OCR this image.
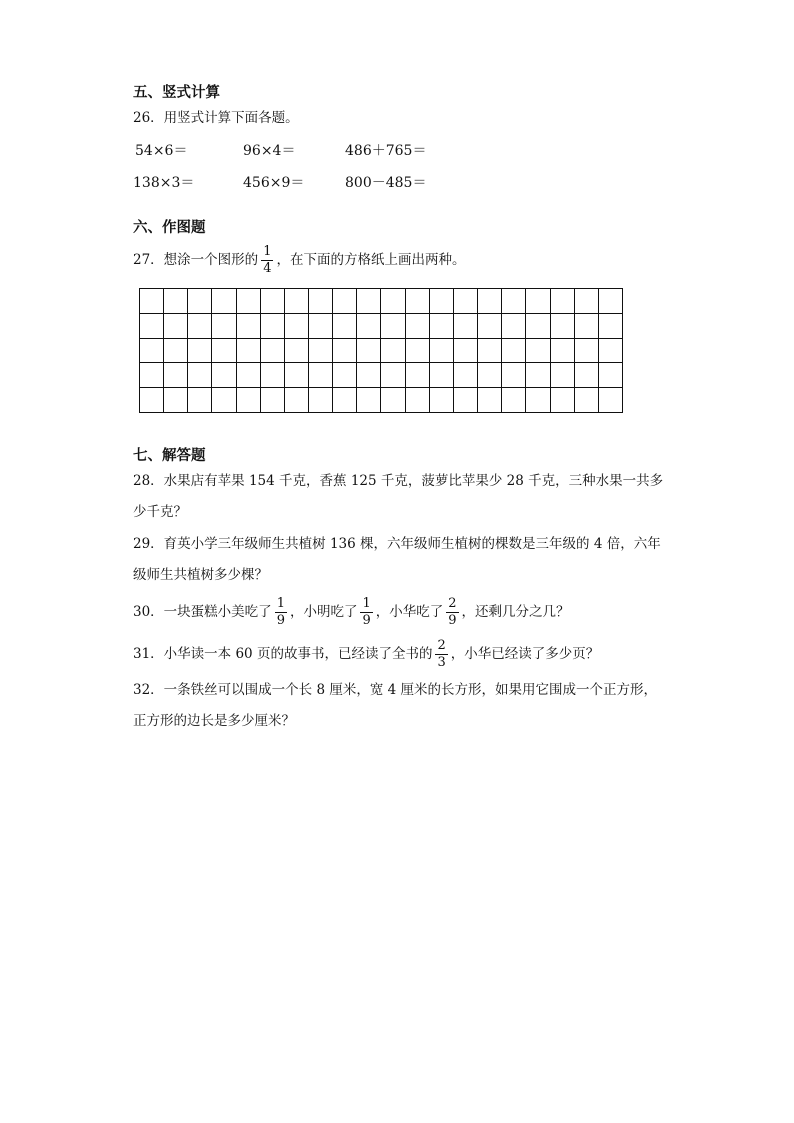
五、竖式计算
26．用竖式计算下面各题。
54×6＝	96×4＝	486＋765＝
138×3＝	456×9＝	800－485＝
六、作图题
27．想涂一个图形的 $\frac{1}{4}$ ，在下面的方格纸上画出两种。
七、解答题
28．水果店有苹果 154 千克，香蕉 125 千克，菠萝比苹果少 28 千克，三种水果一共多
少千克？
29．育英小学三年级师生共植树 136 棵，六年级师生植树的棵数是三年级的 4 倍，六年
级师生共植树多少棵？
30．一块蛋糕小美吃了 $\frac{1}{9}$ ，小明吃了 $\frac{1}{9}$ ，小华吃了 $\frac{2}{9}$ ，还剩几分之几？
31．小华读一本 60 页的故事书，已经读了全书的 $\frac{2}{3}$ ，小华已经读了多少页？
32．一条铁丝可以围成一个长 8 厘米，宽 4 厘米的长方形，如果用它围成一个正方形，
正方形的边长是多少厘米？
